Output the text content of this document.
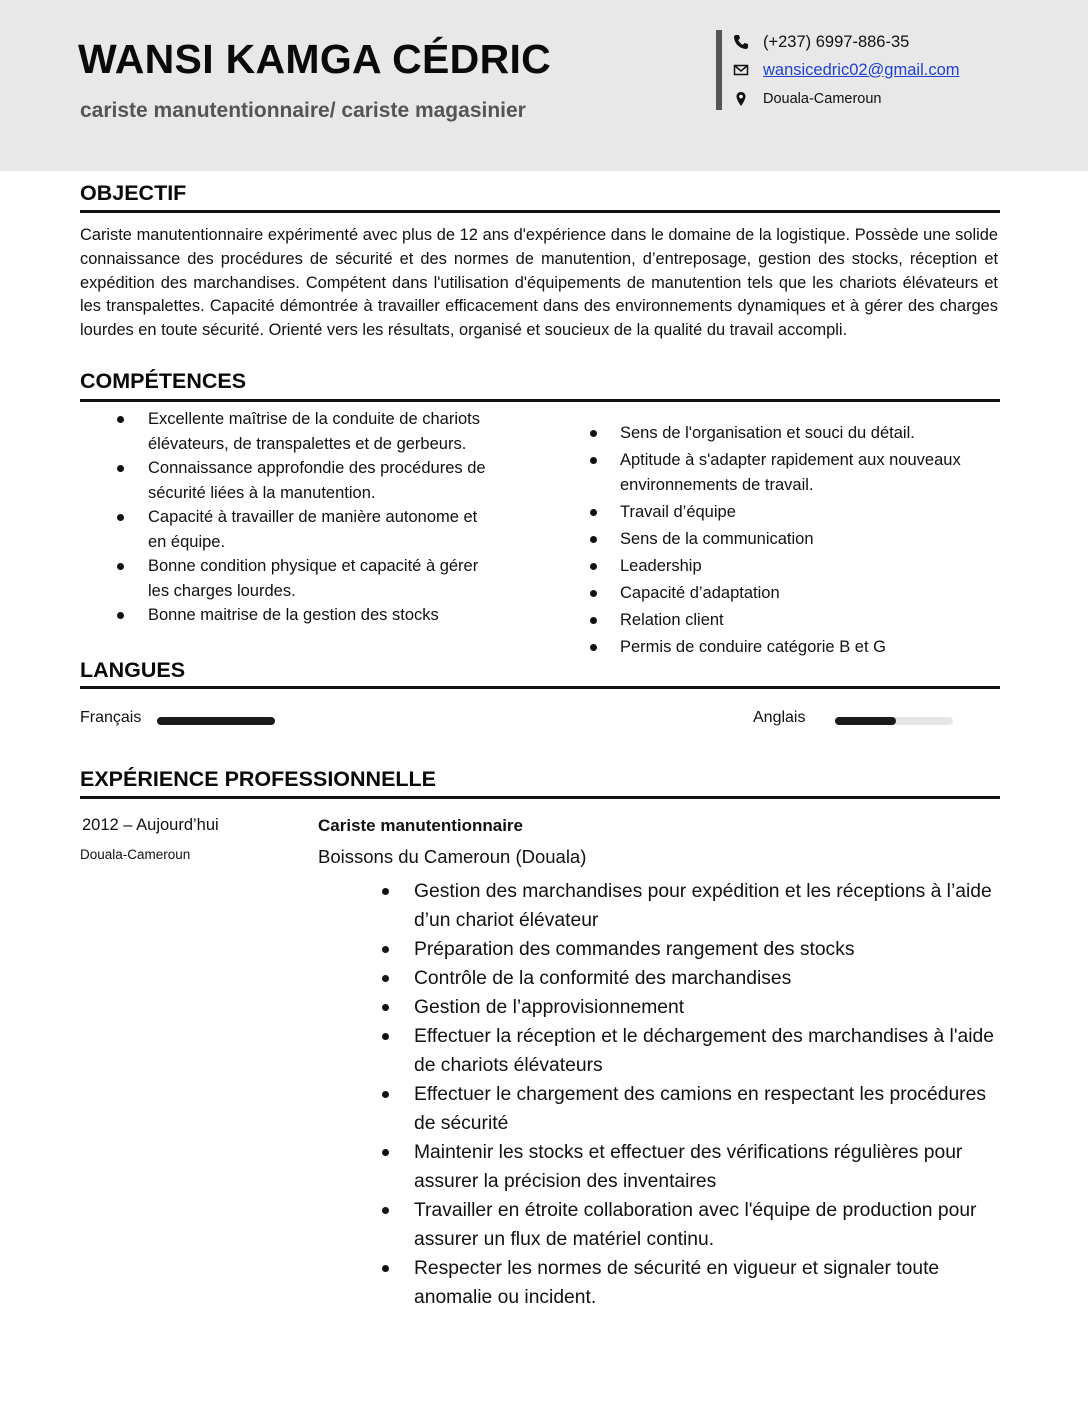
WANSI KAMGA CÉDRIC
cariste manutentionnaire/ cariste magasinier
(+237) 6997-886-35
wansicedric02@gmail.com
Douala-Cameroun
OBJECTIF
Cariste manutentionnaire expérimenté avec plus de 12 ans d'expérience dans le domaine de la logistique. Possède une solide connaissance des procédures de sécurité et des normes de manutention, d’entreposage, gestion des stocks, réception et expédition des marchandises. Compétent dans l'utilisation d'équipements de manutention tels que les chariots élévateurs et les transpalettes. Capacité démontrée à travailler efficacement dans des environnements dynamiques et à gérer des charges lourdes en toute sécurité. Orienté vers les résultats, organisé et soucieux de la qualité du travail accompli.
COMPÉTENCES
Excellente maîtrise de la conduite de chariots élévateurs, de transpalettes et de gerbeurs.
Connaissance approfondie des procédures de sécurité liées à la manutention.
Capacité à travailler de manière autonome et en équipe.
Bonne condition physique et capacité à gérer les charges lourdes.
Bonne maitrise de la gestion des stocks
Sens de l'organisation et souci du détail.
Aptitude à s'adapter rapidement aux nouveaux environnements de travail.
Travail d’équipe
Sens de la communication
Leadership
Capacité d’adaptation
Relation client
Permis de conduire catégorie B et G
LANGUES
Français	Anglais
EXPÉRIENCE PROFESSIONNELLE
2012 – Aujourd’hui
Douala-Cameroun
Cariste manutentionnaire
Boissons du Cameroun (Douala)
Gestion des marchandises pour expédition et les réceptions à l’aide d’un chariot élévateur
Préparation des commandes rangement des stocks
Contrôle de la conformité des marchandises
Gestion de l’approvisionnement
Effectuer la réception et le déchargement des marchandises à l'aide de chariots élévateurs
Effectuer le chargement des camions en respectant les procédures de sécurité
Maintenir les stocks et effectuer des vérifications régulières pour assurer la précision des inventaires
Travailler en étroite collaboration avec l'équipe de production pour assurer un flux de matériel continu.
Respecter les normes de sécurité en vigueur et signaler toute anomalie ou incident.
